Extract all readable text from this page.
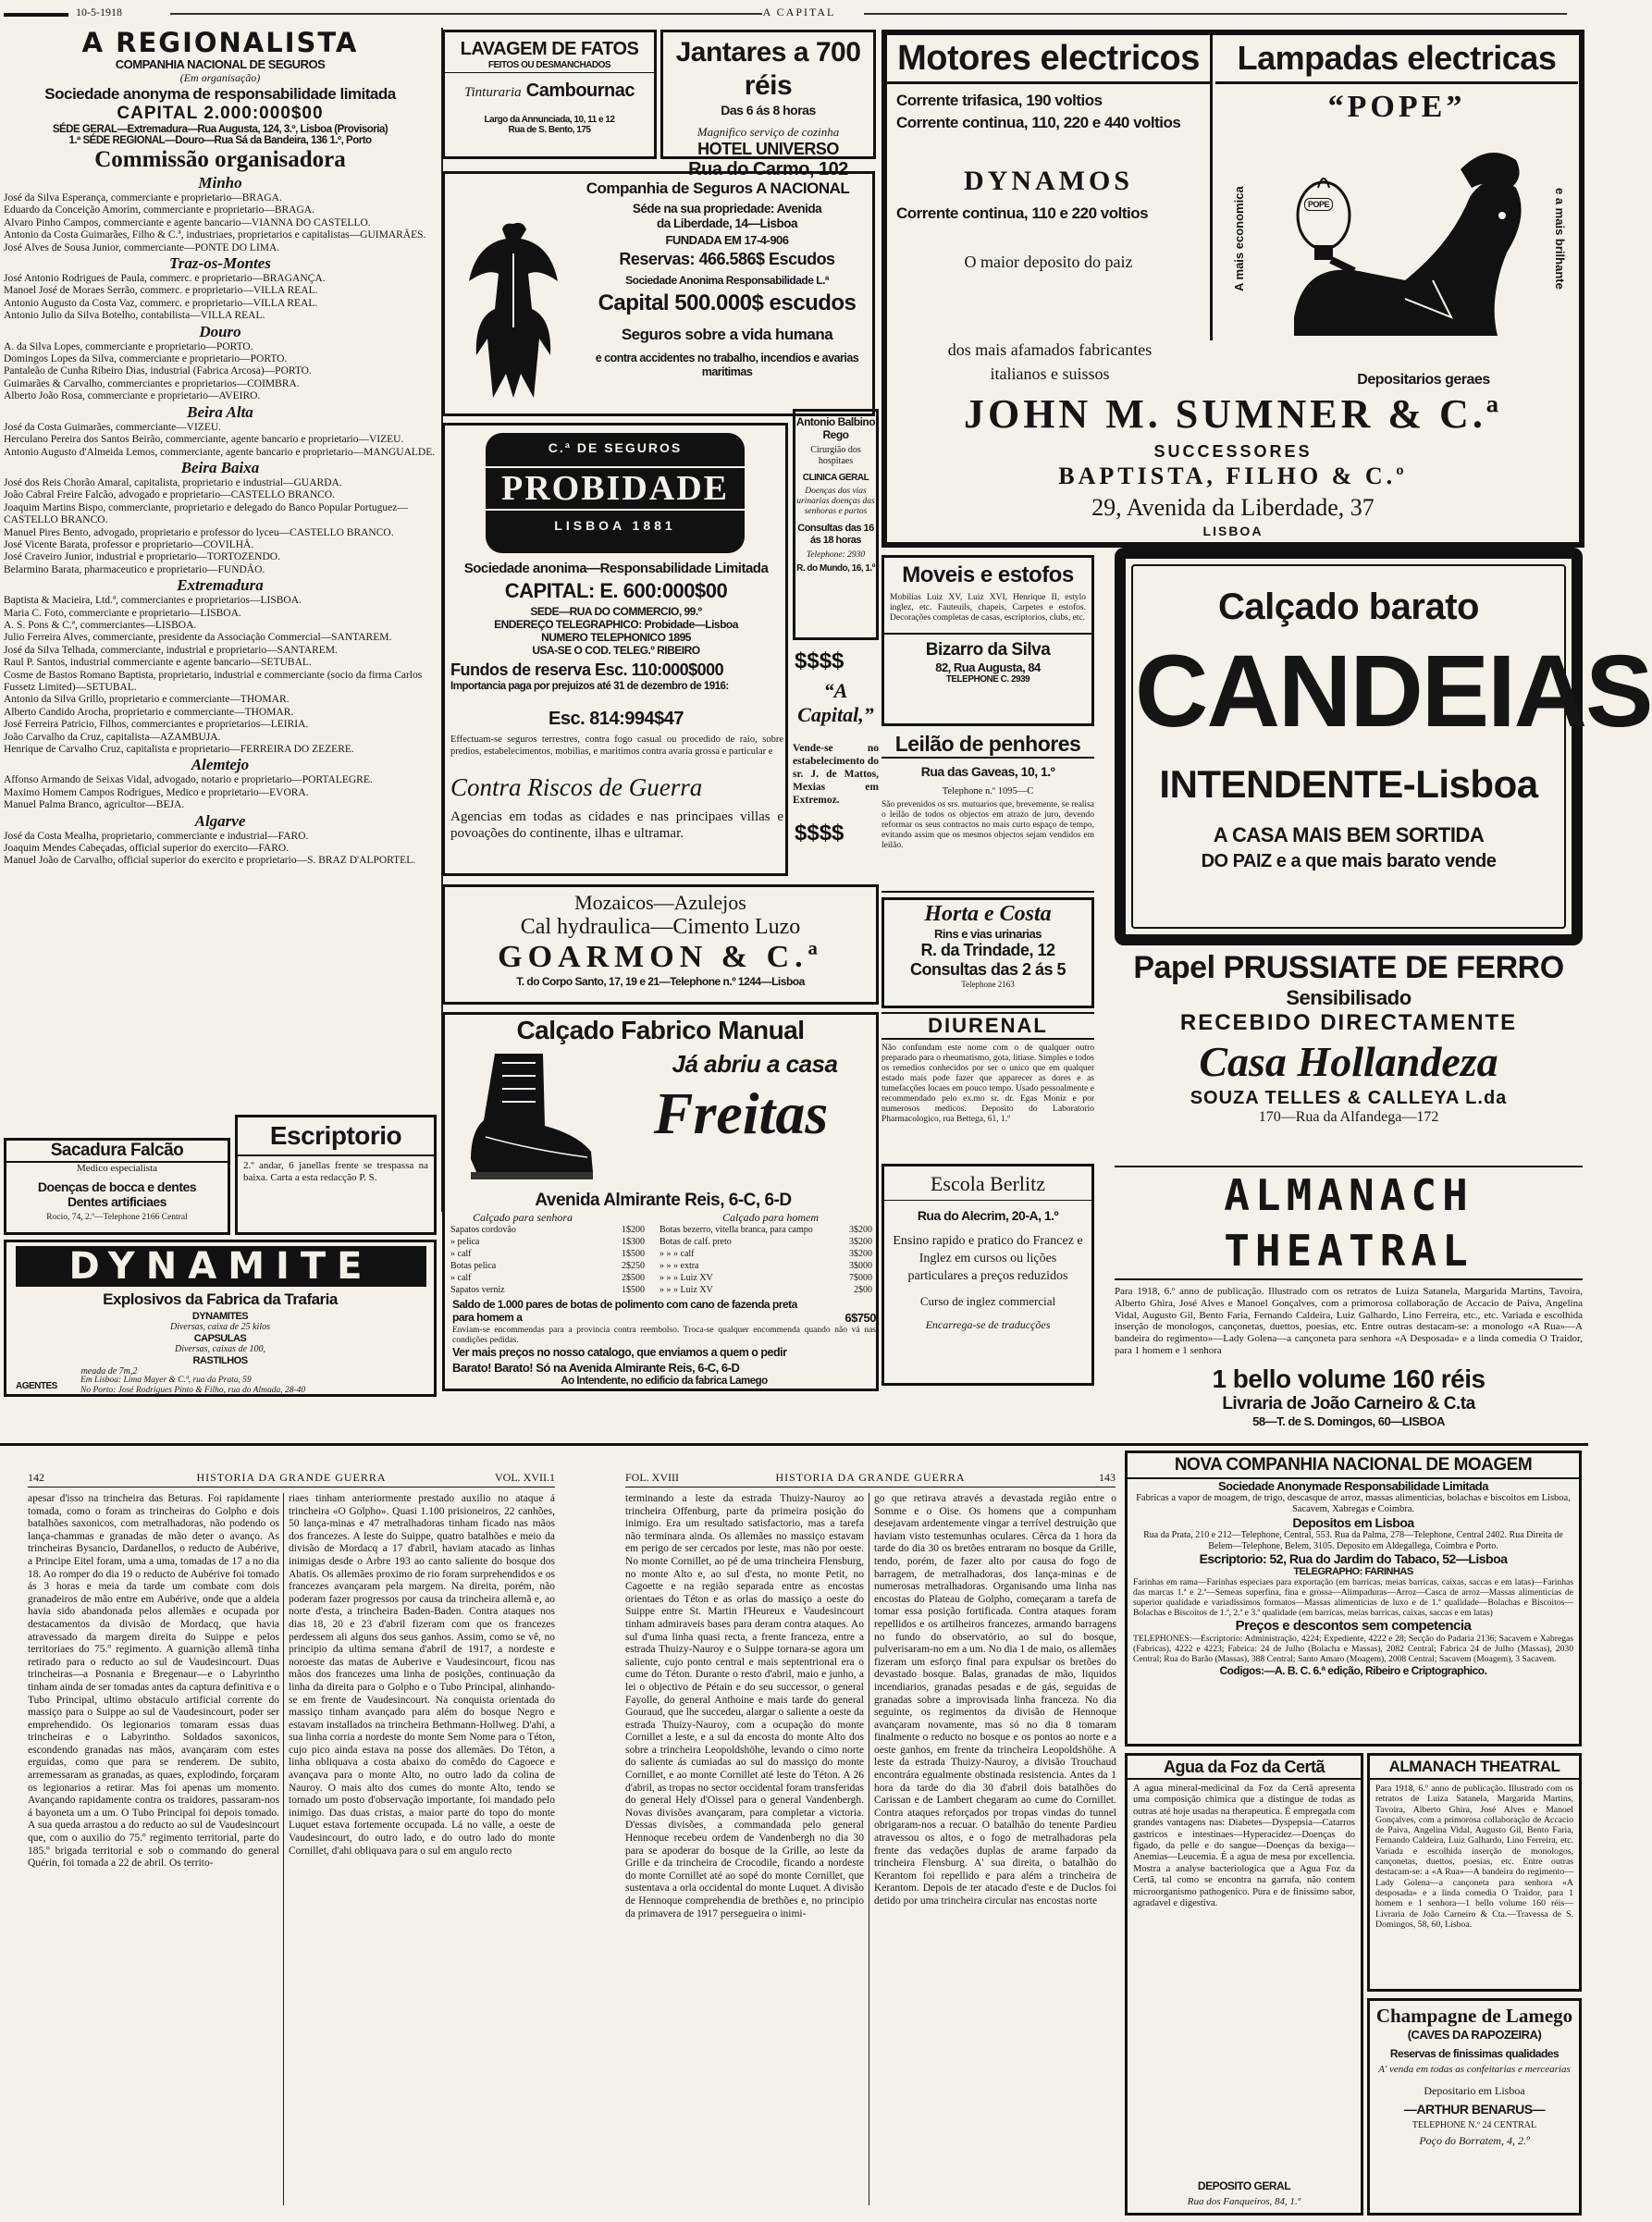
10-5-1918	A CAPITAL
A REGIONALISTA
COMPANHIA NACIONAL DE SEGUROS
(Em organisação)
Sociedade anonyma de responsabilidade limitada
CAPITAL 2.000:000$00
SÉDE GERAL—Extremadura—Rua Augusta, 124, 3.º, Lisboa (Provisoria)
1.ª SÉDE REGIONAL—Douro—Rua Sá da Bandeira, 136 1.º, Porto
Commissão organisadora
Minho
José da Silva Esperança, commerciante e proprietario—BRAGA.
Eduardo da Conceição Amorim, commerciante e proprietario—BRAGA.
Alvaro Pinho Campos, commerciante e agente bancario—VIANNA DO CASTELLO.
Antonio da Costa Guimarães, Filho & C.ª, industriaes, proprietarios e capitalistas—GUIMARÃES.
José Alves de Sousa Junior, commerciante—PONTE DO LIMA.
Traz-os-Montes
José Antonio Rodrigues de Paula, commerc. e proprietario—BRAGANÇA.
Manoel José de Moraes Serrão, commerc. e proprietario—VILLA REAL.
Antonio Augusto da Costa Vaz, commerc. e proprietario—VILLA REAL.
Antonio Julio da Silva Botelho, contabilista—VILLA REAL.
Douro
A. da Silva Lopes, commerciante e proprietario—PORTO.
Domingos Lopes da Silva, commerciante e proprietario—PORTO.
Pantaleão de Cunha Ribeiro Dias, industrial (Fabrica Arcosa)—PORTO.
Guimarães & Carvalho, commerciantes e proprietarios—COIMBRA.
Alberto João Rosa, commerciante e proprietario—AVEIRO.
Beira Alta
José da Costa Guimarães, commerciante—VIZEU.
Herculano Pereira dos Santos Beirão, commerciante, agente bancario e proprietario—VIZEU.
Antonio Augusto d'Almeida Lemos, commerciante, agente bancario e proprietario—MANGUALDE.
Beira Baixa
José dos Reis Chorão Amaral, capitalista, proprietario e industrial—GUARDA.
João Cabral Freire Falcão, advogado e proprietario—CASTELLO BRANCO.
Joaquim Martins Bispo, commerciante, proprietario e delegado do Banco Popular Portuguez—CASTELLO BRANCO.
Manuel Pires Bento, advogado, proprietario e professor do lyceu—CASTELLO BRANCO.
José Vicente Barata, professor e proprietario—COVILHÃ.
José Craveiro Junior, industrial e proprietario—TORTOZENDO.
Belarmino Barata, pharmaceutico e proprietario—FUNDÃO.
Extremadura
Baptista & Macieira, Ltd.ª, commerciantes e proprietarios—LISBOA.
Maria C. Foto, commerciante e proprietario—LISBOA.
A. S. Pons & C.ª, commerciantes—LISBOA.
Julio Ferreira Alves, commerciante, presidente da Associação Commercial—SANTAREM.
José da Silva Telhada, commerciante, industrial e proprietario—SANTAREM.
Raul P. Santos, industrial commerciante e agente bancario—SETUBAL.
Cosme de Bastos Romano Baptista, proprietario, industrial e commerciante (socio da firma Carlos Fussetz Limited)—SETUBAL.
Antonio da Silva Grillo, proprietario e commerciante—THOMAR.
Alberto Candido Arocha, proprietario e commerciante—THOMAR.
José Ferreira Patricio, Filhos, commerciantes e proprietarios—LEIRIA.
João Carvalho da Cruz, capitalista—AZAMBUJA.
Henrique de Carvalho Cruz, capitalista e proprietario—FERREIRA DO ZEZERE.
Alemtejo
Affonso Armando de Seixas Vidal, advogado, notario e proprietario—PORTALEGRE.
Maximo Homem Campos Rodrigues, Medico e proprietario—EVORA.
Manuel Palma Branco, agricultor—BEJA.
Algarve
José da Costa Mealha, proprietario, commerciante e industrial—FARO.
Joaquim Mendes Cabeçadas, official superior do exercito—FARO.
Manuel João de Carvalho, official superior do exercito e proprietario—S. BRAZ D'ALPORTEL.
LAVAGEM DE FATOS
FEITOS OU DESMANCHADOS
Tinturaria Cambournac
Largo da Annunciada, 10, 11 e 12
Rua de S. Bento, 175
Jantares a 700 réis
Das 6 ás 8 horas
Magnifico serviço de cozinha
HOTEL UNIVERSO
Rua do Carmo, 102
Motores electricos
Corrente trifasica, 190 voltios
Corrente continua, 110, 220 e 440 voltios
DYNAMOS
Corrente continua, 110 e 220 voltios
O maior deposito do paiz
Lampadas electricas
“POPE”
A mais economica	e a mais brilhante
POPE
dos mais afamados fabricantes
italianos e suissos	Depositarios geraes
JOHN M. SUMNER & C.ª
SUCCESSORES
BAPTISTA, FILHO & C.º
29, Avenida da Liberdade, 37
LISBOA
Companhia de Seguros A NACIONAL
Séde na sua propriedade: Avenida
da Liberdade, 14—Lisboa
FUNDADA EM 17-4-906
Reservas: 466.586$ Escudos
Sociedade Anonima Responsabilidade L.ª
Capital 500.000$ escudos
Seguros sobre a vida humana
e contra accidentes no trabalho, incendios e avarias maritimas
C.ª DE SEGUROS
PROBIDADE
LISBOA 1881
Sociedade anonima—Responsabilidade Limitada
CAPITAL: E. 600:000$00
SEDE—RUA DO COMMERCIO, 99.º
ENDEREÇO TELEGRAPHICO: Probidade—Lisboa
NUMERO TELEPHONICO 1895
USA-SE O COD. TELEG.º RIBEIRO
Fundos de reserva Esc. 110:000$000
Importancia paga por prejuizos até 31 de dezembro de 1916:
Esc. 814:994$47
Effectuam-se seguros terrestres, contra fogo casual ou procedido de raio, sobre predios, estabelecimentos, mobilias, e maritimos contra avaria grossa e particular e
Contra Riscos de Guerra
Agencias em todas as cidades e nas principaes villas e povoações do continente, ilhas e ultramar.
Antonio Balbino Rego
Cirurgião dos hospitaes
CLINICA GERAL
Doenças dos vias urinarias doenças das senhoras e partos
Consultas das 16 ás 18 horas
Telephone: 2930
R. do Mundo, 16, 1.º
$$$$
“A Capital,”
Vende-se no estabelecimento do sr. J. de Mattos, Mexias em Extremoz.
$$$$
Moveis e estofos
Mobilias Luiz XV, Luiz XVI, Henrique II, estylo inglez, etc. Fauteuils, chapeis, Carpetes e estofos. Decorações completas de casas, escriptorios, clubs, etc.
Bizarro da Silva
82, Rua Augusta, 84
TELEPHONE C. 2939
Leilão de penhores
Rua das Gaveas, 10, 1.º
Telephone n.º 1095—C
São prevenidos os srs. mutuarios que, brevemente, se realisa o leilão de todos os objectos em atrazo de juro, devendo reformar os seus contractos no mais curto espaço de tempo, evitando assim que os mesmos objectos sejam vendidos em leilão.
Horta e Costa
Rins e vias urinarias
R. da Trindade, 12
Consultas das 2 ás 5
Telephone 2163
DIURENAL
Não confundam este nome com o de qualquer outro preparado para o rheumatismo, gota, litiase. Simples e todos os remedios conhecidos por ser o unico que em qualquer estado mais pode fazer que apparecer as dores e as tumefacções locaes em pouco tempo. Usado pessoalmente e recommendado pelo ex.mo sr. dr. Egas Moniz e por numerosos medicos. Deposito do Laboratorio Pharmacologico, rua Bettega, 61, 1.º
Escola Berlitz
Rua do Alecrim, 20-A, 1.º
Ensino rapido e pratico do Francez e Inglez em cursos ou lições particulares a preços reduzidos
Curso de inglez commercial
Encarrega-se de traducções
Calçado barato
CANDEIAS
INTENDENTE-Lisboa
A CASA MAIS BEM SORTIDA
DO PAIZ e a que mais barato vende
Papel PRUSSIATE DE FERRO
Sensibilisado
RECEBIDO DIRECTAMENTE
Casa Hollandeza
SOUZA TELLES & CALLEYA L.da
170—Rua da Alfandega—172
Mozaicos—Azulejos
Cal hydraulica—Cimento Luzo
GOARMON & C.ª
T. do Corpo Santo, 17, 19 e 21—Telephone n.º 1244—Lisboa
Calçado Fabrico Manual
Já abriu a casa
Freitas
Avenida Almirante Reis, 6-C, 6-D
Calçado para senhora	Calçado para homem
Sapatos cordovão	1$200 Botas bezerro, vitella branca, para campo	3$200
» pelica	1$300 Botas de calf. preto	3$200
» calf	1$500 » » » calf	3$200
Botas pelica	2$250 » » » extra	3$000
» calf	2$500 » » » Luiz XV	7$000
Sapatos verniz	1$500 » » » Luiz XV	2$00
Saldo de 1.000 pares de botas de polimento com cano de fazenda preta para homem a	6$750
Enviam-se encommendas para a provincia contra reembolso. Troca-se qualquer encommenda quando não vá nas condições pedidas.
Ver mais preços no nosso catalogo, que enviamos a quem o pedir
Barato! Barato! Só na Avenida Almirante Reis, 6-C, 6-D
Ao Intendente, no edificio da fabrica Lamego
ALMANACH THEATRAL
Para 1918, 6.º anno de publicação. Illustrado com os retratos de Luiza Satanela, Margarida Martins, Tavoira, Alberto Ghira, José Alves e Manoel Gonçalves, com a primorosa collaboração de Accacio de Paiva, Angelina Vidal, Augusto Gil, Bento Faria, Fernando Caldeira, Luiz Galhardo, Lino Ferreira, etc., etc. Variada e escolhida inserção de monologos, cançonetas, duettos, poesias, etc. Entre outras destacam-se: a monologo «A Rua»—A bandeira do regimento»—Lady Golena—a cançoneta para senhora «A Desposada» e a linda comedia O Traidor, para 1 homem e 1 senhora
1 bello volume 160 réis
Livraria de João Carneiro & C.ta
58—T. de S. Domingos, 60—LISBOA
Sacadura Falcão
Medico especialista
Doenças de bocca e dentes
Dentes artificiaes
Rocio, 74, 2.º—Telephone 2166 Central
Escriptorio
2.º andar, 6 janellas frente se trespassa na baixa. Carta a esta redacção P. S.
DYNAMITE
Explosivos da Fabrica da Trafaria
DYNAMITES
Diversas, caixa de 25 kilos
CAPSULAS
Diversas, caixas de 100,
RASTILHOS
meada de 7m,2
AGENTES
Em Lisboa: Lima Mayer & C.ª, rua da Prata, 59
No Porto: José Rodrigues Pinto & Filho, rua do Almada, 28-40
142	HISTORIA DA GRANDE GUERRA	VOL. XVII.1
apesar d'isso na trincheira das Beturas. Foi rapidamente tomada, como o foram as trincheiras do Golpho e dois batalhões saxonicos, com metralhadoras, não podendo os lança-chammas e granadas de mão deter o avanço. As trincheiras Bysancio, Dardanellos, o reducto de Aubérive, a Principe Eitel foram, uma a uma, tomadas de 17 a no dia 18. Ao romper do dia 19 o reducto de Aubérive foi tomado ás 3 horas e meia da tarde um combate com dois granadeiros de mão entre em Aubérive, onde que a aldeia havia sido abandonada pelos allemães e ocupada por destacamentos da divisão de Mordacq, que havia atravessado da margem direita do Suippe e pelos territoriaes do 75.º regimento. A guarnição allemã tinha retirado para o reducto ao sul de Vaudesincourt. Duas trincheiras—a Posnania e Bregenaur—e o Labyrintho tinham ainda de ser tomadas antes da captura definitiva e o Tubo Principal, ultimo obstaculo artificial corrente do massiço para o Suippe ao sul de Vaudesincourt, poder ser emprehendido. Os legionarios tomaram essas duas trincheiras e o Labyrintho. Soldados saxonicos, escondendo granadas nas mãos, avançaram com estes erguidas, como que para se renderem. De subito, arremessaram as granadas, as quaes, explodindo, forçaram os legionarios a retirar. Mas foi apenas um momento. Avançando rapidamente contra os traidores, passaram-nos á bayoneta um a um. O Tubo Principal foi depois tomado. A sua queda arrastou a do reducto ao sul de Vaudesincourt que, com o auxilio do 75.º regimento territorial, parte do 185.º brigada territorial e sob o commando do general Quérin, foi tomada a 22 de abril. Os territo-
riaes tinham anteriormente prestado auxilio no ataque á trincheira «O Golpho». Quasi 1.100 prisioneiros, 22 canhões, 50 lança-minas e 47 metralhadoras tinham ficado nas mãos dos francezes. A leste do Suippe, quatro batalhões e meio da divisão de Mordacq a 17 d'abril, haviam atacado as linhas inimigas desde o Arbre 193 ao canto saliente do bosque dos Abatis. Os allemães proximo de rio foram surprehendidos e os francezes avançaram pela margem. Na direita, porém, não poderam fazer progressos por causa da trincheira allemã e, ao norte d'esta, a trincheira Baden-Baden. Contra ataques nos dias 18, 20 e 23 d'abril fizeram com que os francezes perdessem ali alguns dos seus ganhos. Assim, como se vê, no principio da ultima semana d'abril de 1917, a nordeste e noroeste das matas de Auberive e Vaudesincourt, ficou nas mãos dos francezes uma linha de posições, continuação da linha da direita para o Golpho e o Tubo Principal, alinhando-se em frente de Vaudesincourt. Na conquista orientada do massiço tinham avançado para além do bosque Negro e estavam installados na trincheira Bethmann-Hollweg. D'ahi, a sua linha corria a nordeste do monte Sem Nome para o Téton, cujo pico ainda estava na posse dos allemães. Do Téton, a linha obliquava a costa abaixo do comêdo do Cagoece e avançava para o monte Alto, no outro lado da colina de Nauroy. O mais alto dos cumes do monte Alto, tendo se tornado um posto d'observação importante, foi mandado pelo inimigo. Das duas cristas, a maior parte do topo do monte Luquet estava fortemente occupada. Lá no valle, a oeste de Vaudesincourt, do outro lado, e do outro lado do monte Cornillet, d'ahi obliquava para o sul em angulo recto
FOL. XVIII	HISTORIA DA GRANDE GUERRA	143
terminando a leste da estrada Thuizy-Nauroy ao trincheira Offenburg, parte da primeira posição do inimigo. Era um resultado satisfactorio, mas a tarefa não terminara ainda. Os allemães no massiço estavam em perigo de ser cercados por leste, mas não por oeste. No monte Cornillet, ao pé de uma trincheira Flensburg, no monte Alto e, ao sul d'esta, no monte Petit, no Cagoette e na região separada entre as encostas orientaes do Téton e as orlas do massiço a oeste do Suippe entre St. Martin l'Heureux e Vaudesincourt tinham admiraveis bases para deram contra ataques. Ao sul d'uma linha quasi recta, a frente franceza, entre a estrada Thuizy-Nauroy e o Suippe tornara-se agora um saliente, cujo ponto central e mais septentrional era o cume do Téton. Durante o resto d'abril, maio e junho, a lei o objectivo de Pétain e do seu successor, o general Fayolle, do general Anthoine e mais tarde do general Gouraud, que lhe succedeu, alargar o saliente a oeste da estrada Thuizy-Nauroy, com a ocupação do monte Cornillet a leste, e a sul da encosta do monte Alto dos sobre a trincheira Leopoldshöhe, levando o cimo norte do saliente ás cumiadas ao sul do massiço do monte Cornillet, e ao monte Cornillet até leste do Téton. A 26 d'abril, as tropas no sector occidental foram transferidas do general Hely d'Oissel para o general Vandenbergh. Novas divisões avançaram, para completar a victoria. D'essas divisões, a commandada pelo general Hennoque recebeu ordem de Vandenbergh no dia 30 para se apoderar do bosque de la Grille, ao leste da Grille e da trincheira de Crocodile, ficando a nordeste do monte Cornillet até ao sopé do monte Cornillet, que sustentava a orla occidental do monte Luquet. A divisão de Hennoque comprehendia de brethões e, no principio da primavera de 1917 persegueira o inimi-
go que retirava através a devastada região entre o Somme e o Oise. Os homens que a compunham desejavam ardentemente vingar a terrível destruição que haviam visto testemunhas oculares. Cêrca da 1 hora da tarde do dia 30 os bretões entraram no bosque da Grille, tendo, porém, de fazer alto por causa do fogo de barragem, de metralhadoras, dos lança-minas e de numerosas metralhadoras. Organisando uma linha nas encostas do Plateau de Golpho, começaram a tarefa de tomar essa posição fortificada. Contra ataques foram repellidos e os artilheiros francezes, armando barragens no fundo do observatório, ao sul do bosque, pulverisaram-no em a um. No dia 1 de maio, os allemães fizeram um esforço final para expulsar os bretões do devastado bosque. Balas, granadas de mão, liquidos incendiarios, granadas pesadas e de gás, seguidas de granadas sobre a improvisada linha franceza. No dia seguinte, os regimentos da divisão de Hennoque avançaram novamente, mas só no dia 8 tomaram finalmente o reducto no bosque e os pontos ao norte e a oeste ganhos, em frente da trincheira Leopoldshöhe. A leste da estrada Thuizy-Nauroy, a divisão Trouchaud encontrára egualmente obstinada resistencia. Antes da 1 hora da tarde do dia 30 d'abril dois batalhões do Carissan e de Lambert chegaram ao cume do Cornillet. Contra ataques reforçados por tropas vindas do tunnel obrigaram-nos a recuar. O batalhão do tenente Pardieu atravessou os altos, e o fogo de metralhadoras pela frente das vedações duplas de arame farpado da trincheira Flensburg. A' sua direita, o batalhão do Kerantom foi repellido e para além a trincheira de Kerantom. Depois de ter atacado d'este e de Duclos foi detido por uma trincheira circular nas encostas norte
NOVA COMPANHIA NACIONAL DE MOAGEM
Sociedade Anonymade Responsabilidade Limitada
Fabricas a vapor de moagem, de trigo, descasque de arroz, massas alimenticias, bolachas e biscoitos em Lisboa, Sacavem, Xabregas e Coimbra.
Depositos em Lisboa
Rua da Prata, 210 e 212—Telephone, Central, 553. Rua da Palma, 278—Telephone, Central 2402. Rua Direita de Belem—Telephone, Belem, 3105. Deposito em Aldegallega, Coimbra e Porto.
Escriptorio: 52, Rua do Jardim do Tabaco, 52—Lisboa
TELEGRAPHO: FARINHAS
Farinhas em rama—Farinhas especiaes para exportação (em barricas, meias barricas, caixas, saccas e em latas)—Farinhas das marcas 1.ª e 2.ª—Semeas superfina, fina e grossa—Alimpaduras—Arroz—Casca de arroz—Massas alimenticias de superior qualidade e variadissimos formatos—Massas alimenticias de luxo e de 1.ª qualidade—Bolachas e Biscoitos—Bolachas e Biscoitos de 1.ª, 2.ª e 3.ª qualidade (em barricas, meias barricas, caixas, saccas e em latas)
Preços e descontos sem competencia
TELEPHONES:—Escriptorio: Administração, 4224; Expediente, 4222 e 28; Secção do Padaria 2136; Sacavem e Xabregas (Fabricas), 4222 e 4223; Fabrica: 24 de Julho (Bolacha e Massas), 2082 Central; Fabrica 24 de Julho (Massas), 2030 Central; Rua do Barão (Massas), 388 Central; Santo Amaro (Moagem), 2008 Central; Sacavem (Moagem), 3 Sacavem.
Codigos:—A. B. C. 6.ª edição, Ribeiro e Criptographico.
Agua da Foz da Certã
A agua mineral-medicinal da Foz da Certã apresenta uma composição chimica que a distingue de todas as outras até hoje usadas na therapeutica. É empregada com grandes vantagens nas: Diabetes—Dyspepsia—Catarros gastricos e intestinaes—Hyperacidez—Doenças do figado, da pelle e do sangue—Doenças da bexiga—Anemias—Leucemia. É a agua de mesa por excellencia. Mostra a analyse bacteriologica que a Agua Foz da Certã, tal como se encontra na garrafa, não contem microorganismo pathogenico. Pura e de finissimo sabor, agradavel e digestiva.
DEPOSITO GERAL
Rua dos Fanqueiros, 84, 1.º
ALMANACH THEATRAL
Para 1918, 6.º anno de publicação. Illustrado com os retratos de Luiza Satanela, Margarida Martins, Tavoira, Alberto Ghira, José Alves e Manoel Gonçalves, com a primorosa collaboração de Accacio de Paiva, Angelina Vidal, Augusto Gil, Bento Faria, Fernando Caldeira, Luiz Galhardo, Lino Ferreira, etc. Variada e escolhida inserção de monologos, cançonetas, duettos, poesias, etc. Entre outras destacam-se: a «A Rua»—A bandeira do regimento—Lady Golena—a cançoneta para senhora «A desposada» e a linda comedia O Traidor, para 1 homem e 1 senhora—1 bello volume 160 réis—Livraria de João Carneiro & Cta.—Travessa de S. Domingos, 58, 60, Lisboa.
Champagne de Lamego
(CAVES DA RAPOZEIRA)
Reservas de finissimas qualidades
A' venda em todas as confeitarias e mercearias
Depositario em Lisboa
—ARTHUR BENARUS—
TELEPHONE N.º 24 CENTRAL
Poço do Borratem, 4, 2.º
